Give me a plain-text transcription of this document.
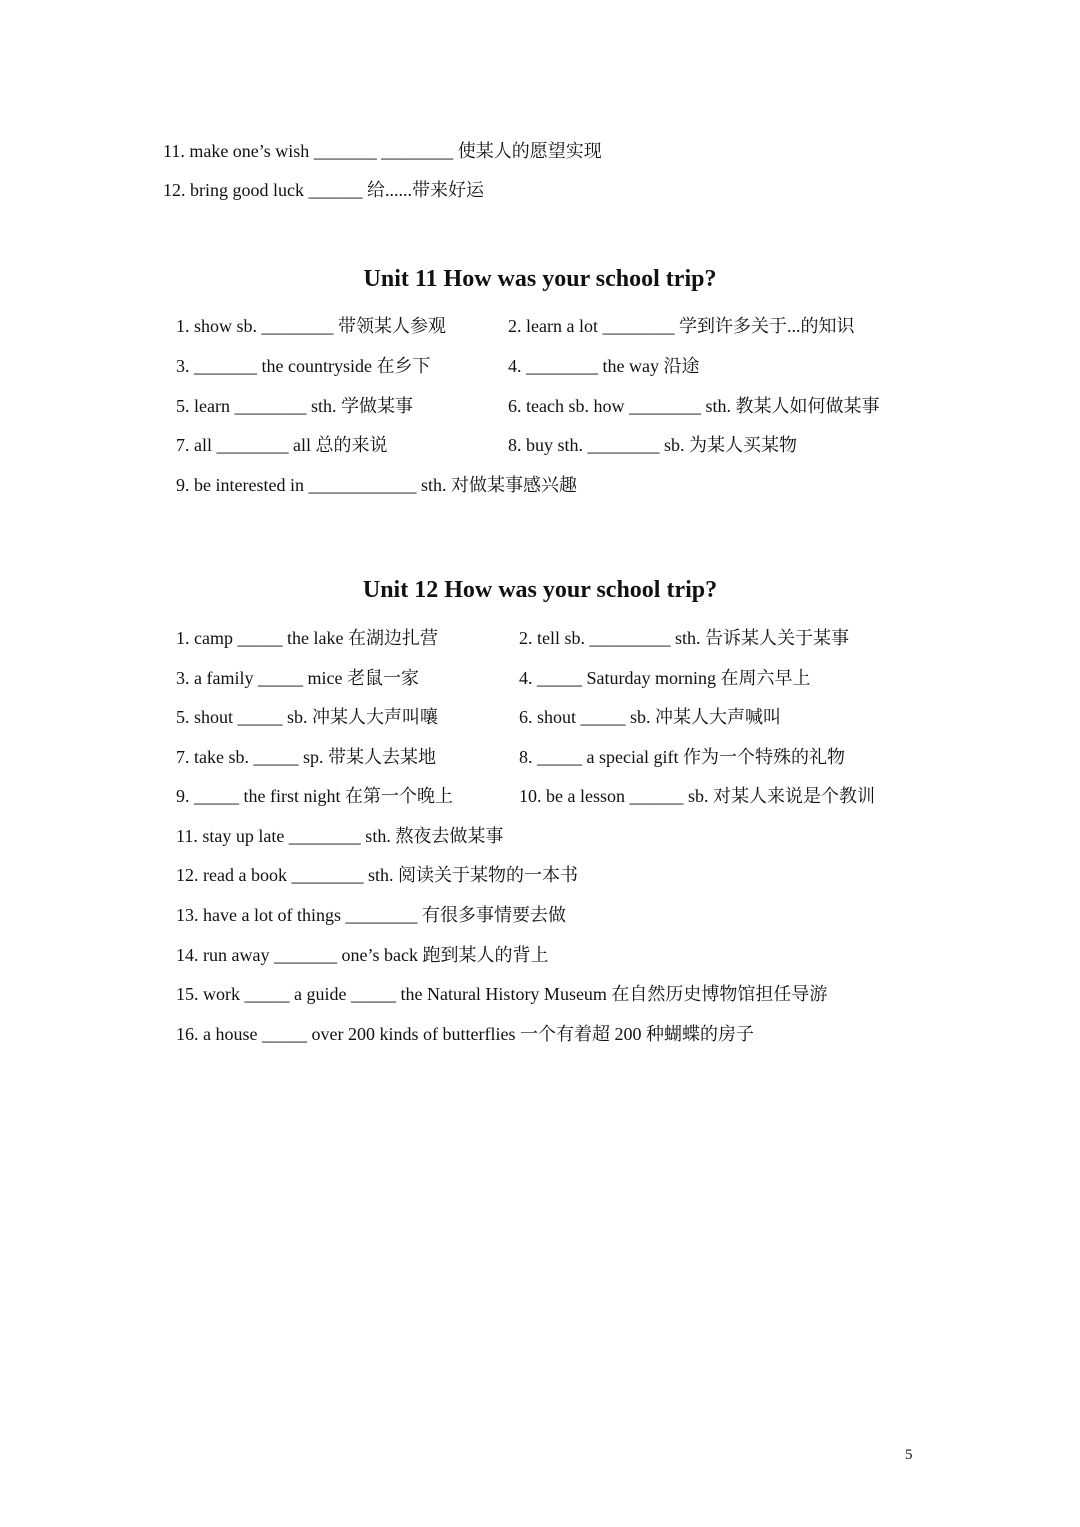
11. make one’s wish _______ ________ 使某人的愿望实现
12. bring good luck ______ 给......带来好运
Unit 11 How was your school trip?
1. show sb. ________ 带领某人参观	2. learn a lot ________ 学到许多关于...的知识
3. _______ the countryside 在乡下	4. ________ the way 沿途
5. learn ________ sth. 学做某事	6. teach sb. how ________ sth. 教某人如何做某事
7. all ________ all 总的来说	8. buy sth. ________ sb. 为某人买某物
9. be interested in ____________ sth. 对做某事感兴趣
Unit 12 How was your school trip?
1. camp _____ the lake 在湖边扎营	2. tell sb. _________ sth. 告诉某人关于某事
3. a family _____ mice 老鼠一家	4. _____ Saturday morning 在周六早上
5. shout _____ sb. 冲某人大声叫嚷	6. shout _____ sb. 冲某人大声喊叫
7. take sb. _____ sp. 带某人去某地	8. _____ a special gift 作为一个特殊的礼物
9. _____ the first night 在第一个晚上	10. be a lesson ______ sb. 对某人来说是个教训
11. stay up late ________ sth. 熬夜去做某事
12. read a book ________ sth. 阅读关于某物的一本书
13. have a lot of things ________ 有很多事情要去做
14. run away _______ one’s back 跑到某人的背上
15. work _____ a guide _____ the Natural History Museum 在自然历史博物馆担任导游
16. a house _____ over 200 kinds of butterflies 一个有着超 200 种蝴蝶的房子
5
